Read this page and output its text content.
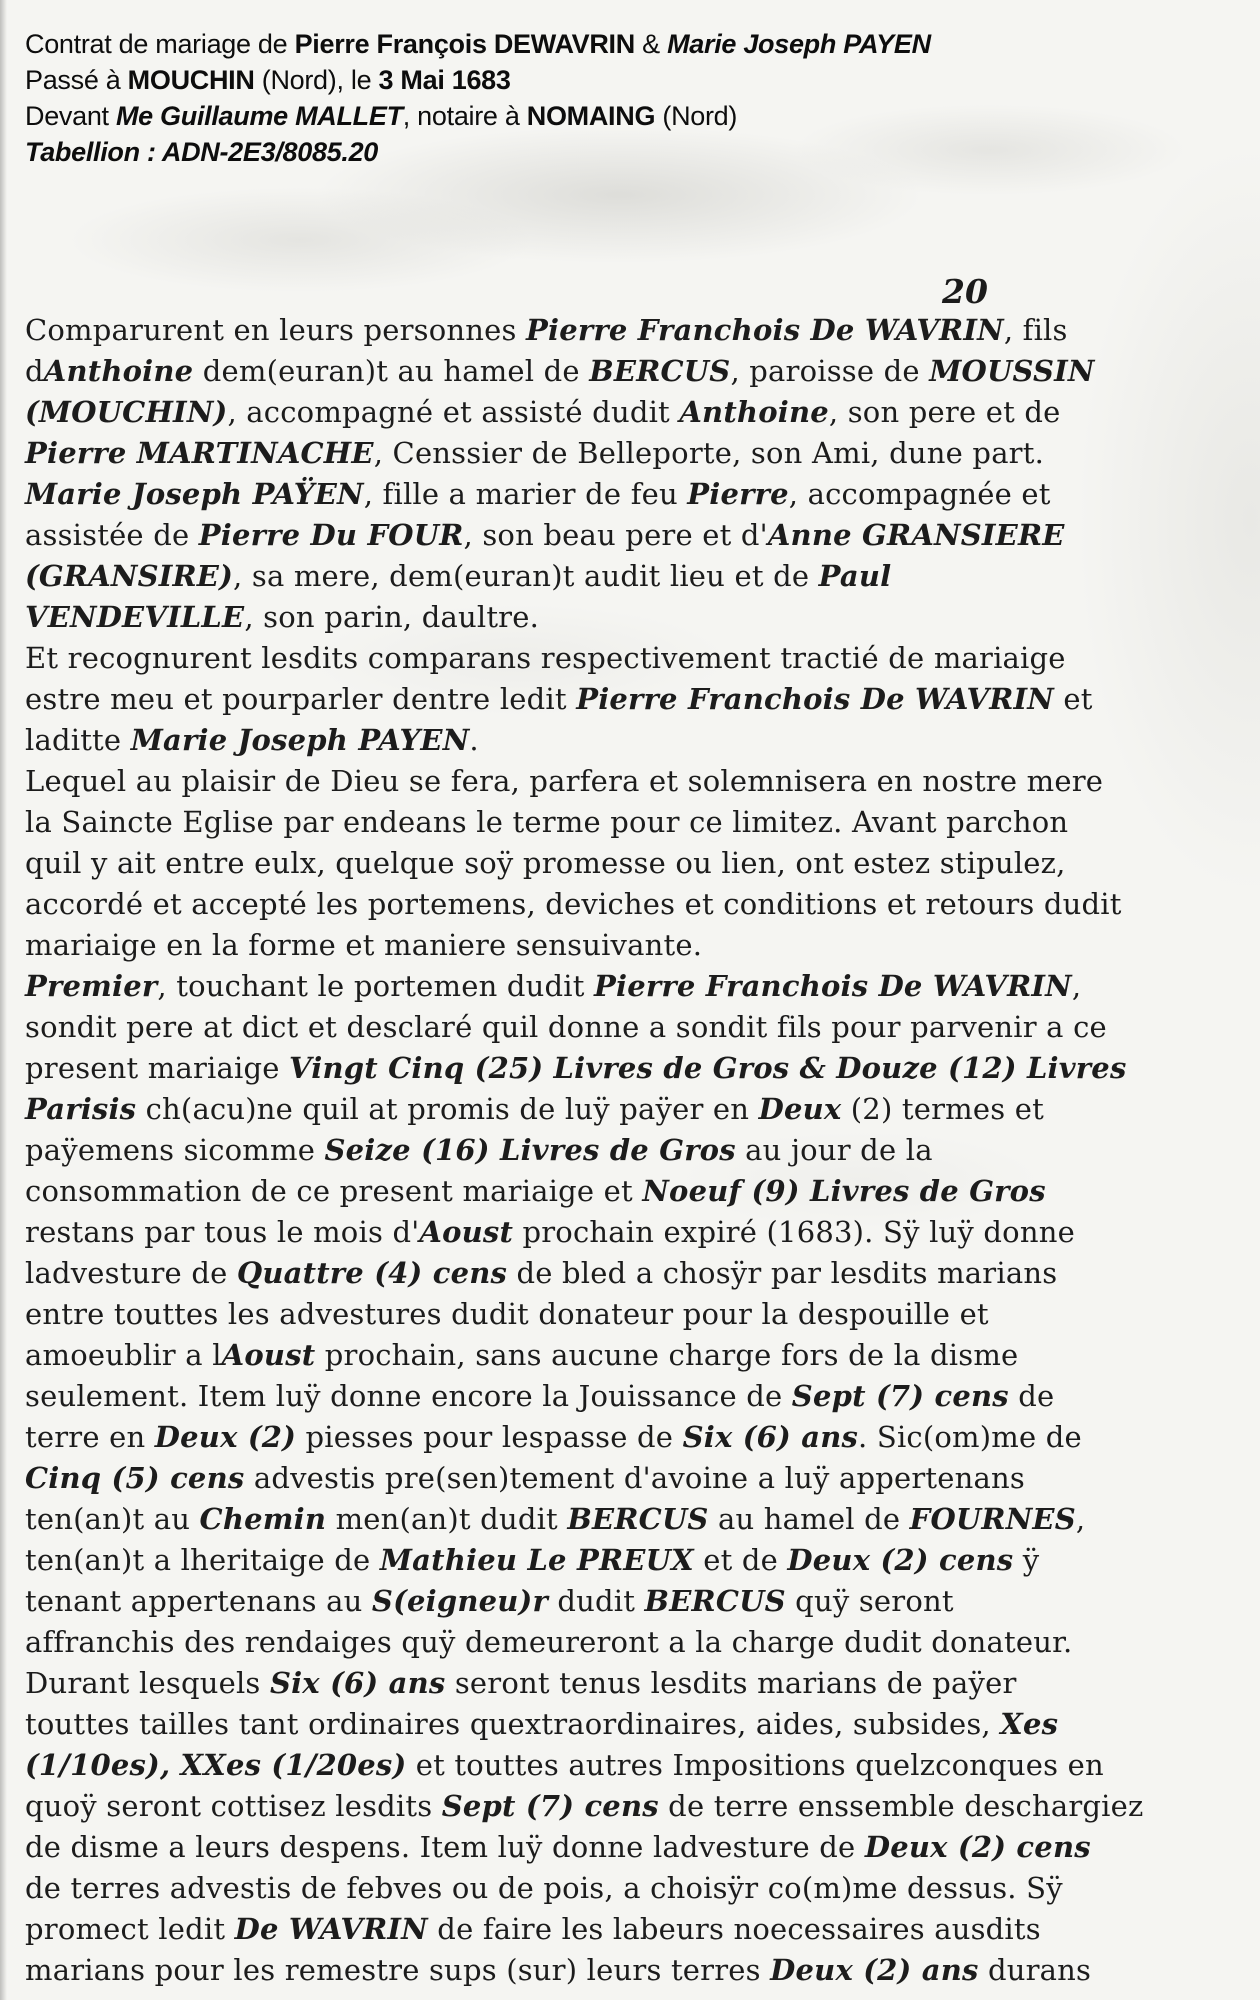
Contrat de mariage de Pierre François DEWAVRIN & Marie Joseph PAYEN
Passé à MOUCHIN (Nord), le 3 Mai 1683
Devant Me Guillaume MALLET, notaire à NOMAING (Nord)
Tabellion : ADN-2E3/8085.20
20
Comparurent en leurs personnes Pierre Franchois De WAVRIN, fils
dAnthoine dem(euran)t au hamel de BERCUS, paroisse de MOUSSIN
(MOUCHIN), accompagné et assisté dudit Anthoine, son pere et de
Pierre MARTINACHE, Censsier de Belleporte, son Ami, dune part.
Marie Joseph PAŸEN, fille a marier de feu Pierre, accompagnée et
assistée de Pierre Du FOUR, son beau pere et d'Anne GRANSIERE
(GRANSIRE), sa mere, dem(euran)t audit lieu et de Paul
VENDEVILLE, son parin, daultre.
Et recognurent lesdits comparans respectivement tractié de mariaige
estre meu et pourparler dentre ledit Pierre Franchois De WAVRIN et
laditte Marie Joseph PAYEN.
Lequel au plaisir de Dieu se fera, parfera et solemnisera en nostre mere
la Saincte Eglise par endeans le terme pour ce limitez. Avant parchon
quil y ait entre eulx, quelque soÿ promesse ou lien, ont estez stipulez,
accordé et accepté les portemens, deviches et conditions et retours dudit
mariaige en la forme et maniere sensuivante.
Premier, touchant le portemen dudit Pierre Franchois De WAVRIN,
sondit pere at dict et desclaré quil donne a sondit fils pour parvenir a ce
present mariaige Vingt Cinq (25) Livres de Gros & Douze (12) Livres
Parisis ch(acu)ne quil at promis de luÿ paÿer en Deux (2) termes et
paÿemens sicomme Seize (16) Livres de Gros au jour de la
consommation de ce present mariaige et Noeuf (9) Livres de Gros
restans par tous le mois d'Aoust prochain expiré (1683). Sÿ luÿ donne
ladvesture de Quattre (4) cens de bled a chosÿr par lesdits marians
entre touttes les advestures dudit donateur pour la despouille et
amoeublir a lAoust prochain, sans aucune charge fors de la disme
seulement. Item luÿ donne encore la Jouissance de Sept (7) cens de
terre en Deux (2) piesses pour lespasse de Six (6) ans. Sic(om)me de
Cinq (5) cens advestis pre(sen)tement d'avoine a luÿ appertenans
ten(an)t au Chemin men(an)t dudit BERCUS au hamel de FOURNES,
ten(an)t a lheritaige de Mathieu Le PREUX et de Deux (2) cens ÿ
tenant appertenans au S(eigneu)r dudit BERCUS quÿ seront
affranchis des rendaiges quÿ demeureront a la charge dudit donateur.
Durant lesquels Six (6) ans seront tenus lesdits marians de paÿer
touttes tailles tant ordinaires quextraordinaires, aides, subsides, Xes
(1/10es), XXes (1/20es) et touttes autres Impositions quelzconques en
quoÿ seront cottisez lesdits Sept (7) cens de terre enssemble deschargiez
de disme a leurs despens. Item luÿ donne ladvesture de Deux (2) cens
de terres advestis de febves ou de pois, a choisÿr co(m)me dessus. Sÿ
promect ledit De WAVRIN de faire les labeurs noecessaires ausdits
marians pour les remestre sups (sur) leurs terres Deux (2) ans durans
